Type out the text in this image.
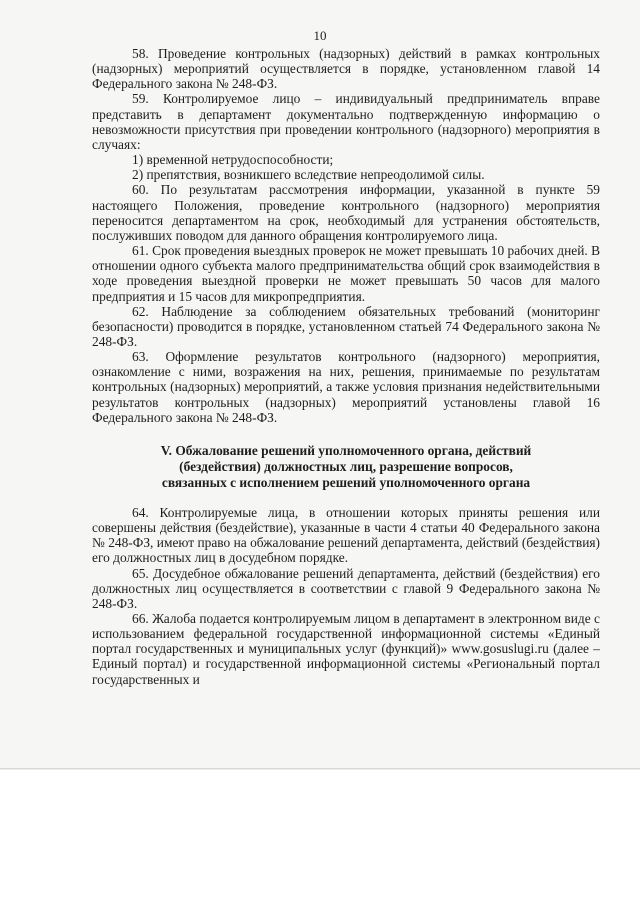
10

58. Проведение контрольных (надзорных) действий в рамках контрольных (надзорных) мероприятий осуществляется в порядке, установленном главой 14 Федерального закона № 248-ФЗ.

59. Контролируемое лицо – индивидуальный предприниматель вправе представить в департамент документально подтвержденную информацию о невозможности присутствия при проведении контрольного (надзорного) мероприятия в случаях:

1) временной нетрудоспособности;

2) препятствия, возникшего вследствие непреодолимой силы.

60. По результатам рассмотрения информации, указанной в пункте 59 настоящего Положения, проведение контрольного (надзорного) мероприятия переносится департаментом на срок, необходимый для устранения обстоятельств, послуживших поводом для данного обращения контролируемого лица.

61. Срок проведения выездных проверок не может превышать 10 рабочих дней. В отношении одного субъекта малого предпринимательства общий срок взаимодействия в ходе проведения выездной проверки не может превышать 50 часов для малого предприятия и 15 часов для микропредприятия.

62. Наблюдение за соблюдением обязательных требований (мониторинг безопасности) проводится в порядке, установленном статьей 74 Федерального закона № 248-ФЗ.

63. Оформление результатов контрольного (надзорного) мероприятия, ознакомление с ними, возражения на них, решения, принимаемые по результатам контрольных (надзорных) мероприятий, а также условия признания недействительными результатов контрольных (надзорных) мероприятий установлены главой 16 Федерального закона № 248-ФЗ.

V. Обжалование решений уполномоченного органа, действий
(бездействия) должностных лиц, разрешение вопросов,
связанных с исполнением решений уполномоченного органа

64. Контролируемые лица, в отношении которых приняты решения или совершены действия (бездействие), указанные в части 4 статьи 40 Федерального закона № 248-ФЗ, имеют право на обжалование решений департамента, действий (бездействия) его должностных лиц в досудебном порядке.

65. Досудебное обжалование решений департамента, действий (бездействия) его должностных лиц осуществляется в соответствии с главой 9 Федерального закона № 248-ФЗ.

66. Жалоба подается контролируемым лицом в департамент в электронном виде с использованием федеральной государственной информационной системы «Единый портал государственных и муниципальных услуг (функций)» www.gosuslugi.ru (далее – Единый портал) и государственной информационной системы «Региональный портал государственных и
